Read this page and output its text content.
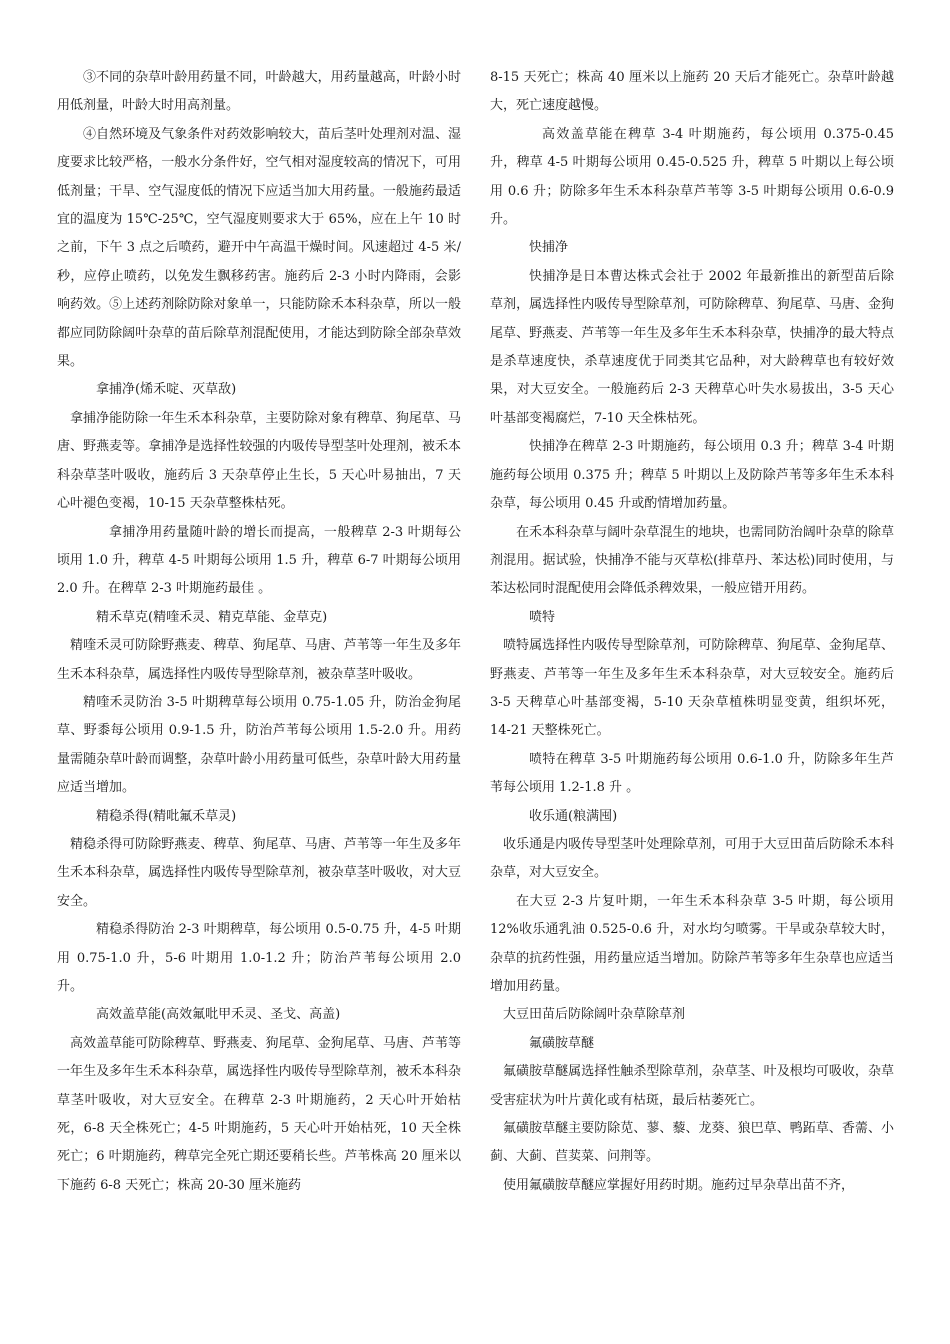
③不同的杂草叶龄用药量不同，叶龄越大，用药量越高，叶龄小时用低剂量，叶龄大时用高剂量。

④自然环境及气象条件对药效影响较大，苗后茎叶处理剂对温、湿度要求比较严格，一般水分条件好，空气相对湿度较高的情况下，可用低剂量；干旱、空气湿度低的情况下应适当加大用药量。一般施药最适宜的温度为 15℃-25℃，空气湿度则要求大于 65%，应在上午 10 时之前，下午 3 点之后喷药，避开中午高温干燥时间。风速超过 4-5 米/秒，应停止喷药，以免发生飘移药害。施药后 2-3 小时内降雨，会影响药效。⑤上述药剂除防除对象单一，只能防除禾本科杂草，所以一般都应同防除阔叶杂草的苗后除草剂混配使用，才能达到防除全部杂草效果。

拿捕净(烯禾啶、灭草敌)

拿捕净能防除一年生禾本科杂草，主要防除对象有稗草、狗尾草、马唐、野燕麦等。拿捕净是选择性较强的内吸传导型茎叶处理剂，被禾本科杂草茎叶吸收，施药后 3 天杂草停止生长，5 天心叶易抽出，7 天心叶褪色变褐，10-15 天杂草整株枯死。

拿捕净用药量随叶龄的增长而提高，一般稗草 2-3 叶期每公顷用 1.0 升，稗草 4-5 叶期每公顷用 1.5 升，稗草 6-7 叶期每公顷用 2.0 升。在稗草 2-3 叶期施药最佳 。

精禾草克(精喹禾灵、精克草能、金草克)

精喹禾灵可防除野燕麦、稗草、狗尾草、马唐、芦苇等一年生及多年生禾本科杂草，属选择性内吸传导型除草剂，被杂草茎叶吸收。

精喹禾灵防治 3-5 叶期稗草每公顷用 0.75-1.05 升，防治金狗尾草、野黍每公顷用 0.9-1.5 升，防治芦苇每公顷用 1.5-2.0 升。用药量需随杂草叶龄而调整，杂草叶龄小用药量可低些，杂草叶龄大用药量应适当增加。

精稳杀得(精吡氟禾草灵)

精稳杀得可防除野燕麦、稗草、狗尾草、马唐、芦苇等一年生及多年生禾本科杂草，属选择性内吸传导型除草剂，被杂草茎叶吸收，对大豆安全。

精稳杀得防治 2-3 叶期稗草，每公顷用 0.5-0.75 升，4-5 叶期用 0.75-1.0 升，5-6 叶期用 1.0-1.2 升；防治芦苇每公顷用 2.0 升。

高效盖草能(高效氟吡甲禾灵、圣戈、高盖)

高效盖草能可防除稗草、野燕麦、狗尾草、金狗尾草、马唐、芦苇等一年生及多年生禾本科杂草，属选择性内吸传导型除草剂，被禾本科杂草茎叶吸收，对大豆安全。在稗草 2-3 叶期施药，2 天心叶开始枯死，6-8 天全株死亡；4-5 叶期施药，5 天心叶开始枯死，10 天全株死亡；6 叶期施药，稗草完全死亡期还要稍长些。芦苇株高 20 厘米以下施药 6-8 天死亡；株高 20-30 厘米施药

8-15 天死亡；株高 40 厘米以上施药 20 天后才能死亡。杂草叶龄越大，死亡速度越慢。

高效盖草能在稗草 3-4 叶期施药，每公顷用 0.375-0.45 升，稗草 4-5 叶期每公顷用 0.45-0.525 升，稗草 5 叶期以上每公顷用 0.6 升；防除多年生禾本科杂草芦苇等 3-5 叶期每公顷用 0.6-0.9 升。

快捕净

快捕净是日本曹达株式会社于 2002 年最新推出的新型苗后除草剂，属选择性内吸传导型除草剂，可防除稗草、狗尾草、马唐、金狗尾草、野燕麦、芦苇等一年生及多年生禾本科杂草，快捕净的最大特点是杀草速度快，杀草速度优于同类其它品种，对大龄稗草也有较好效果，对大豆安全。一般施药后 2-3 天稗草心叶失水易拔出，3-5 天心叶基部变褐腐烂，7-10 天全株枯死。

快捕净在稗草 2-3 叶期施药，每公顷用 0.3 升；稗草 3-4 叶期施药每公顷用 0.375 升；稗草 5 叶期以上及防除芦苇等多年生禾本科杂草，每公顷用 0.45 升或酌情增加药量。

在禾本科杂草与阔叶杂草混生的地块，也需同防治阔叶杂草的除草剂混用。据试验，快捕净不能与灭草松(排草丹、苯达松)同时使用，与苯达松同时混配使用会降低杀稗效果，一般应错开用药。

喷特

喷特属选择性内吸传导型除草剂，可防除稗草、狗尾草、金狗尾草、野燕麦、芦苇等一年生及多年生禾本科杂草，对大豆较安全。施药后 3-5 天稗草心叶基部变褐，5-10 天杂草植株明显变黄，组织坏死，14-21 天整株死亡。

喷特在稗草 3-5 叶期施药每公顷用 0.6-1.0 升，防除多年生芦苇每公顷用 1.2-1.8 升 。

收乐通(粮满囤)

收乐通是内吸传导型茎叶处理除草剂，可用于大豆田苗后防除禾本科杂草，对大豆安全。

在大豆 2-3 片复叶期，一年生禾本科杂草 3-5 叶期，每公顷用 12%收乐通乳油 0.525-0.6 升，对水均匀喷雾。干旱或杂草较大时，杂草的抗药性强，用药量应适当增加。防除芦苇等多年生杂草也应适当增加用药量。

大豆田苗后防除阔叶杂草除草剂

氟磺胺草醚

氟磺胺草醚属选择性触杀型除草剂，杂草茎、叶及根均可吸收，杂草受害症状为叶片黄化或有枯斑，最后枯萎死亡。

氟磺胺草醚主要防除苋、蓼、藜、龙葵、狼巴草、鸭跖草、香薷、小蓟、大蓟、苣荬菜、问荆等。

使用氟磺胺草醚应掌握好用药时期。施药过早杂草出苗不齐，
